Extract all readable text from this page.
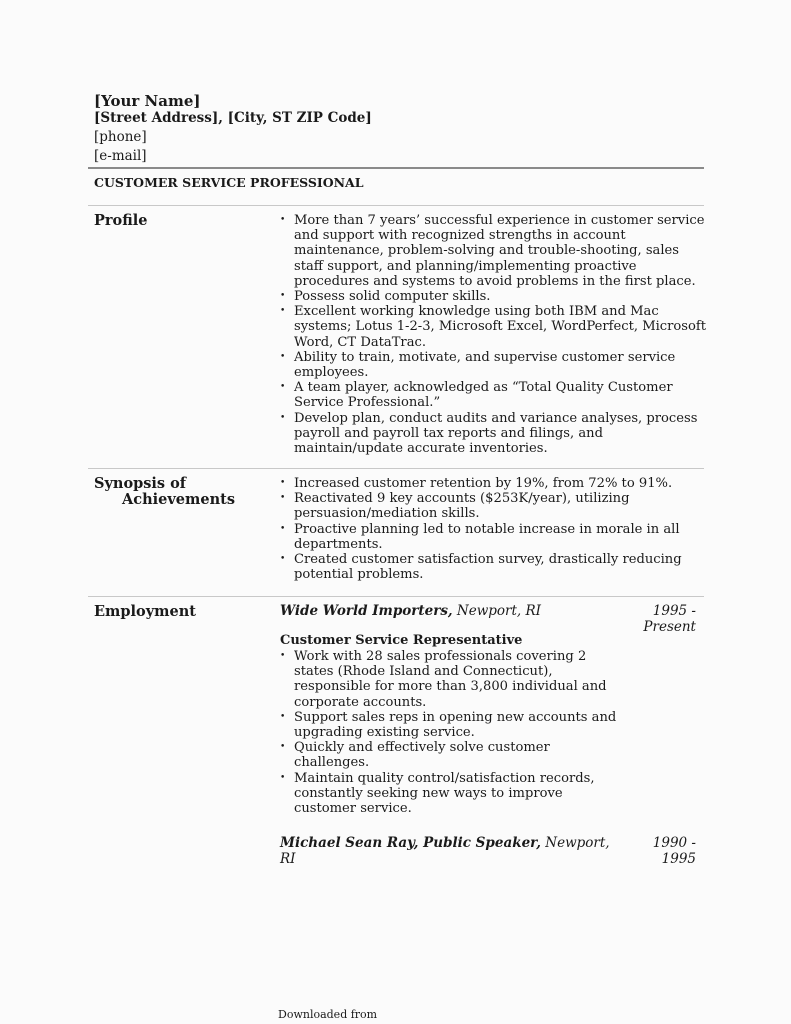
[Your Name]
[Street Address], [City, ST ZIP Code]
[phone]
[e-mail]
CUSTOMER SERVICE PROFESSIONAL
Profile
•	More than 7 years’ successful experience in customer service and support with recognized strengths in account maintenance, problem-solving and trouble-shooting, sales staff support, and planning/implementing proactive procedures and systems to avoid problems in the first place.
• Possess solid computer skills.
• Excellent working knowledge using both IBM and Mac systems; Lotus 1-2-3, Microsoft Excel, WordPerfect, Microsoft Word, CT DataTrac.
• Ability to train, motivate, and supervise customer service employees.
• A team player, acknowledged as “Total Quality Customer Service Professional.”
• Develop plan, conduct audits and variance analyses, process payroll and payroll tax reports and filings, and maintain/update accurate inventories.
Synopsis of
Achievements
• Increased customer retention by 19%, from 72% to 91%.
• Reactivated 9 key accounts ($253K/year), utilizing persuasion/mediation skills.
• Proactive planning led to notable increase in morale in all departments.
• Created customer satisfaction survey, drastically reducing potential problems.
Employment	Wide World Importers, Newport, RI	1995 -
Present
Customer Service Representative
• Work with 28 sales professionals covering 2 states (Rhode Island and Connecticut), responsible for more than 3,800 individual and corporate accounts.
• Support sales reps in opening new accounts and upgrading existing service.
• Quickly and effectively solve customer challenges.
• Maintain quality control/satisfaction records, constantly seeking new ways to improve customer service.
Michael Sean Ray, Public Speaker, Newport, RI
1990 -
1995
Downloaded from
